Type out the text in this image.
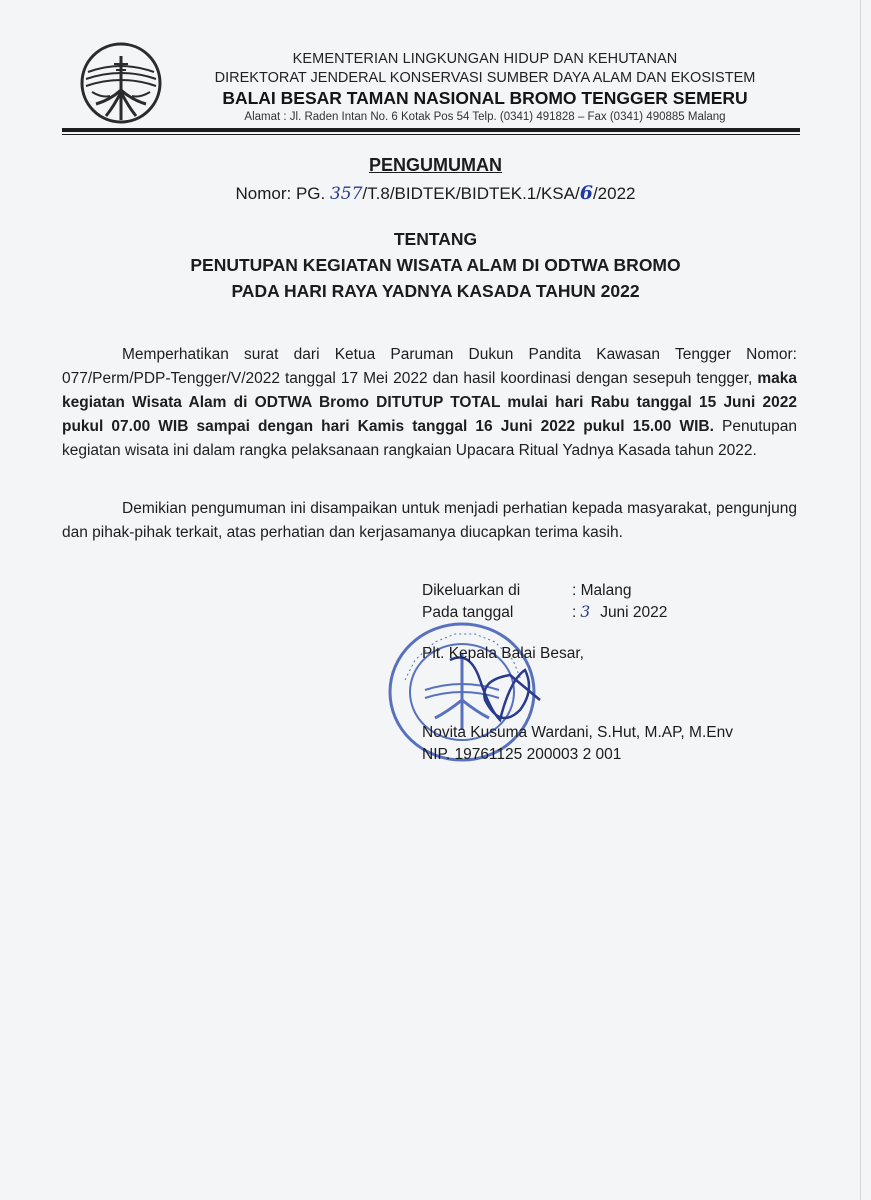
KEMENTERIAN LINGKUNGAN HIDUP DAN KEHUTANAN
DIREKTORAT JENDERAL KONSERVASI SUMBER DAYA ALAM DAN EKOSISTEM
BALAI BESAR TAMAN NASIONAL BROMO TENGGER SEMERU
Alamat : Jl. Raden Intan No. 6 Kotak Pos 54 Telp. (0341) 491828 – Fax (0341) 490885 Malang
PENGUMUMAN
Nomor: PG. 357/T.8/BIDTEK/BIDTEK.1/KSA/6/2022
TENTANG
PENUTUPAN KEGIATAN WISATA ALAM DI ODTWA BROMO
PADA HARI RAYA YADNYA KASADA TAHUN 2022
Memperhatikan surat dari Ketua Paruman Dukun Pandita Kawasan Tengger Nomor: 077/Perm/PDP-Tengger/V/2022 tanggal 17 Mei 2022 dan hasil koordinasi dengan sesepuh tengger, maka kegiatan Wisata Alam di ODTWA Bromo DITUTUP TOTAL mulai hari Rabu tanggal 15 Juni 2022 pukul 07.00 WIB sampai dengan hari Kamis tanggal 16 Juni 2022 pukul 15.00 WIB. Penutupan kegiatan wisata ini dalam rangka pelaksanaan rangkaian Upacara Ritual Yadnya Kasada tahun 2022.
Demikian pengumuman ini disampaikan untuk menjadi perhatian kepada masyarakat, pengunjung dan pihak-pihak terkait, atas perhatian dan kerjasamanya diucapkan terima kasih.
Dikeluarkan di	: Malang
Pada tanggal	: 3 Juni 2022
Plt. Kepala Balai Besar,
Novita Kusuma Wardani, S.Hut, M.AP, M.Env
NIP. 19761125 200003 2 001
